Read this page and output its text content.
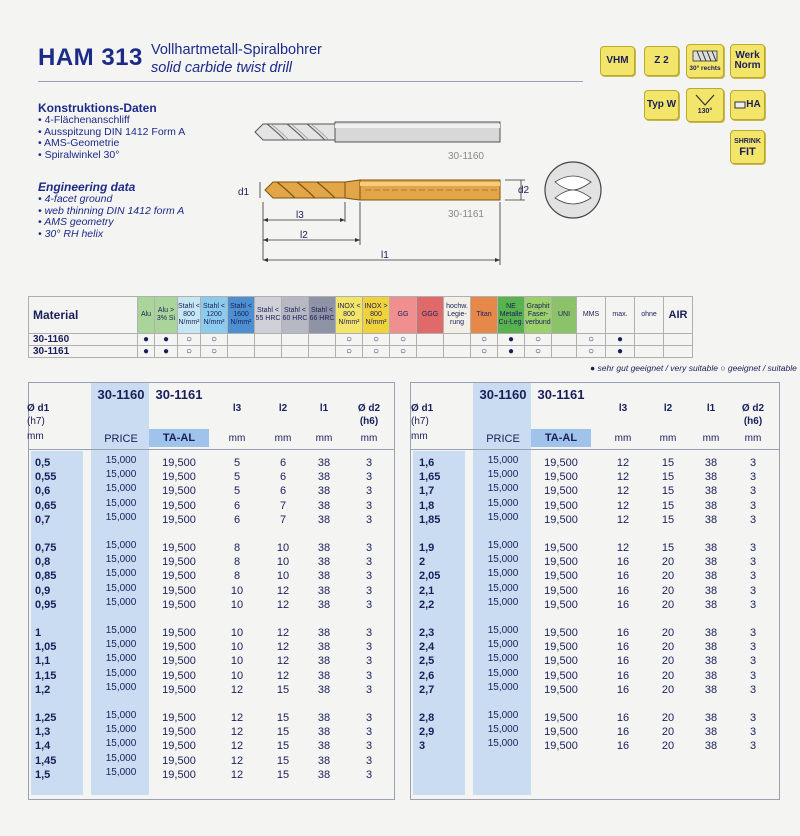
HAM 313 Vollhartmetall-Spiralbohrer
solid carbide twist drill	VHM	Z 2
30° rechts
Werk
Norm
Typ W
130°
HA
SHRINK
FIT
Konstruktions-Daten
• 4-Flächenanschliff
• Ausspitzung DIN 1412 Form A
• AMS-Geometrie
• Spiralwinkel 30°
Engineering data
• 4-facet ground
• web thinning DIN 1412 form A
• AMS geometry
• 30° RH helix
30-1160
30-1161
d1	d2
l3
l2
l1
Material	Alu	Alu > 3% Si	Stahl < 800 N/mm²	Stahl < 1200 N/mm²	Stahl < 1600 N/mm²	Stahl < 55 HRC	Stahl < 60 HRC	Stahl < 66 HRC	INOX < 800 N/mm²	INOX > 800 N/mm²	GG	GGG	hochw. Legie- rung	Titan	NE Metalle Cu-Leg.	Graphit Faser- verbund	UNI	MMS	max.	ohne	AIR
30-1160	●	●	○	○					○	○	○			○	●	○		○	●		
30-1161	●	●	○	○					○	○	○			○	●	○		○	●		
● sehr gut geeignet / very suitable ○ geeignet / suitable
TA-AL
Ø d1
(h7)
mm
30-1160 30-1161
PRICE
l3	l2	l1
mm	mm	mm
Ø d2
(h6)
mm
0,5	15,000	19,500	5	6	38	3
0,55	15,000	19,500	5	6	38	3
0,6	15,000	19,500	5	6	38	3
0,65	15,000	19,500	6	7	38	3
0,7	15,000	19,500	6	7	38	3
0,75	15,000	19,500	8	10	38	3
0,8	15,000	19,500	8	10	38	3
0,85	15,000	19,500	8	10	38	3
0,9	15,000	19,500	10	12	38	3
0,95	15,000	19,500	10	12	38	3
1	15,000	19,500	10	12	38	3
1,05	15,000	19,500	10	12	38	3
1,1	15,000	19,500	10	12	38	3
1,15	15,000	19,500	10	12	38	3
1,2	15,000	19,500	12	15	38	3
1,25	15,000	19,500	12	15	38	3
1,3	15,000	19,500	12	15	38	3
1,4	15,000	19,500	12	15	38	3
1,45	15,000	19,500	12	15	38	3
1,5	15,000	19,500	12	15	38	3
TA-AL
Ø d1
(h7)
mm
30-1160 30-1161
PRICE
l3	l2	l1
mm	mm	mm
Ø d2
(h6)
mm
1,6	15,000	19,500	12	15	38	3
1,65	15,000	19,500	12	15	38	3
1,7	15,000	19,500	12	15	38	3
1,8	15,000	19,500	12	15	38	3
1,85	15,000	19,500	12	15	38	3
1,9	15,000	19,500	12	15	38	3
2	15,000	19,500	16	20	38	3
2,05	15,000	19,500	16	20	38	3
2,1	15,000	19,500	16	20	38	3
2,2	15,000	19,500	16	20	38	3
2,3	15,000	19,500	16	20	38	3
2,4	15,000	19,500	16	20	38	3
2,5	15,000	19,500	16	20	38	3
2,6	15,000	19,500	16	20	38	3
2,7	15,000	19,500	16	20	38	3
2,8	15,000	19,500	16	20	38	3
2,9	15,000	19,500	16	20	38	3
3	15,000	19,500	16	20	38	3
